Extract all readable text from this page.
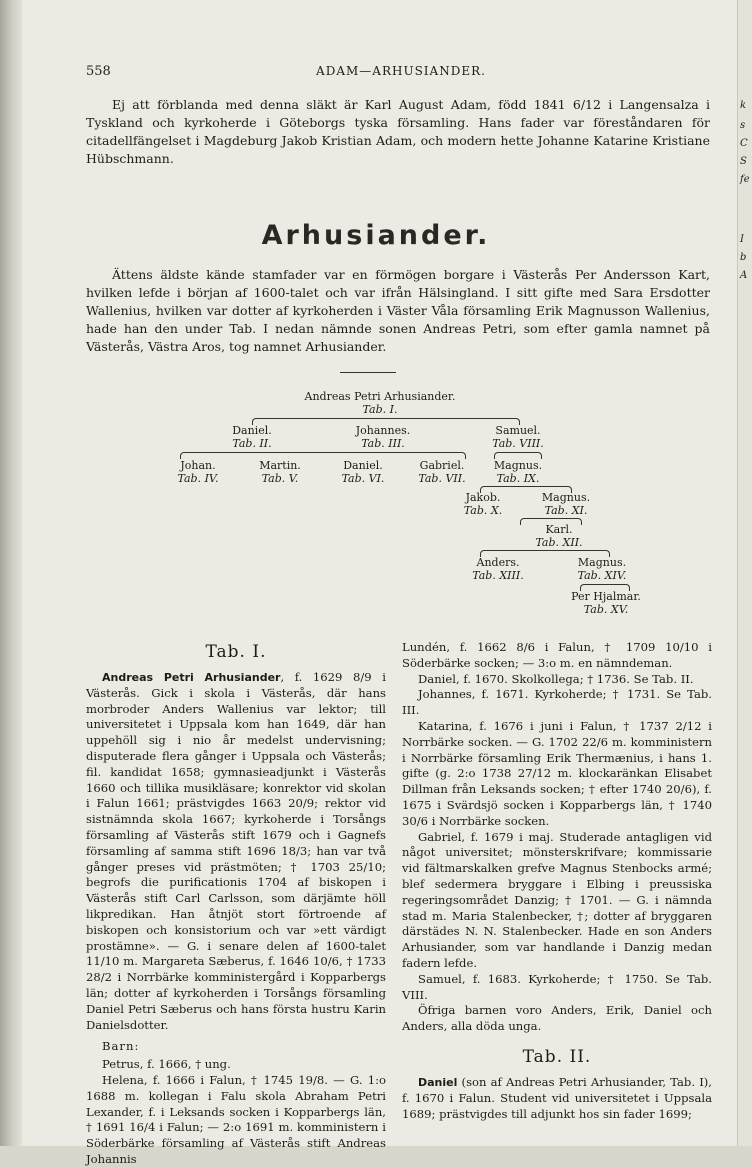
k
s
C
S
fe
I
b
A
558	ADAM—ARHUSIANDER.
Ej att förblanda med denna släkt är Karl August Adam, född 1841 6/12 i Langensalza i Tyskland och kyrkoherde i Göteborgs tyska församling. Hans fader var föreståndaren för citadellfängelset i Magdeburg Jakob Kristian Adam, och modern hette Johanne Katarine Kristiane Hübschmann.
Arhusiander.
Ättens äldste kände stamfader var en förmögen borgare i Västerås Per Andersson Kart, hvilken lefde i början af 1600-talet och var ifrån Hälsingland. I sitt gifte med Sara Ersdotter Wallenius, hvilken var dotter af kyrkoherden i Väster Våla församling Erik Magnusson Wallenius, hade han den under Tab. I nedan nämnde sonen Andreas Petri, som efter gamla namnet på Västerås, Västra Aros, tog namnet Arhusiander.
Andreas Petri Arhusiander.
Tab. I.
Daniel.
Tab. II.
Johannes.
Tab. III.
Samuel.
Tab. VIII.
Johan.
Tab. IV.
Martin.
Tab. V.
Daniel.
Tab. VI.
Gabriel.
Tab. VII.
Magnus.
Tab. IX.
Jakob.
Tab. X.
Magnus.
Tab. XI.
Karl.
Tab. XII.
Anders.
Tab. XIII.
Magnus.
Tab. XIV.
Per Hjalmar.
Tab. XV.
Tab. I.

Andreas Petri Arhusiander, f. 1629 8/9 i Västerås. Gick i skola i Västerås, där hans morbroder Anders Wallenius var lektor; till universitetet i Uppsala kom han 1649, där han uppehöll sig i nio år medelst undervisning; disputerade flera gånger i Uppsala och Västerås; fil. kandidat 1658; gymnasieadjunkt i Västerås 1660 och tillika musikläsare; konrektor vid skolan i Falun 1661; prästvigdes 1663 20/9; rektor vid sistnämnda skola 1667; kyrkoherde i Torsångs församling af Västerås stift 1679 och i Gagnefs församling af samma stift 1696 18/3; han var två gånger preses vid prästmöten; † 1703 25/10; begrofs die purificationis 1704 af biskopen i Västerås stift Carl Carlsson, som därjämte höll likpredikan. Han åtnjöt stort förtroende af biskopen och konsistorium och var »ett värdigt prostämne». — G. i senare delen af 1600-talet 11/10 m. Margareta Sæberus, f. 1646 10/6, † 1733 28/2 i Norrbärke komministergård i Kopparbergs län; dotter af kyrkoherden i Torsångs församling Daniel Petri Sæberus och hans första hustru Karin Danielsdotter.

Barn:

Petrus, f. 1666, † ung.

Helena, f. 1666 i Falun, † 1745 19/8. — G. 1:o 1688 m. kollegan i Falu skola Abraham Petri Lexander, f. i Leksands socken i Kopparbergs län, † 1691 16/4 i Falun; — 2:o 1691 m. komministern i Söderbärke församling af Västerås stift Andreas Johannis

Lundén, f. 1662 8/6 i Falun, † 1709 10/10 i Söderbärke socken; — 3:o m. en nämndeman.

Daniel, f. 1670. Skolkollega; † 1736. Se Tab. II.

Johannes, f. 1671. Kyrkoherde; † 1731. Se Tab. III.

Katarina, f. 1676 i juni i Falun, † 1737 2/12 i Norrbärke socken. — G. 1702 22/6 m. komministern i Norrbärke församling Erik Thermænius, i hans 1. gifte (g. 2:o 1738 27/12 m. klockaränkan Elisabet Dillman från Leksands socken; † efter 1740 20/6), f. 1675 i Svärdsjö socken i Kopparbergs län, † 1740 30/6 i Norrbärke socken.

Gabriel, f. 1679 i maj. Studerade antagligen vid något universitet; mönsterskrifvare; kommissarie vid fältmarskalken grefve Magnus Stenbocks armé; blef sedermera bryggare i Elbing i preussiska regeringsområdet Danzig; † 1701. — G. i nämnda stad m. Maria Stalenbecker, †; dotter af bryggaren därstädes N. N. Stalenbecker. Hade en son Anders Arhusiander, som var handlande i Danzig medan fadern lefde.

Samuel, f. 1683. Kyrkoherde; † 1750. Se Tab. VIII.

Öfriga barnen voro Anders, Erik, Daniel och Anders, alla döda unga.

Tab. II.

Daniel (son af Andreas Petri Arhusiander, Tab. I), f. 1670 i Falun. Student vid universitetet i Uppsala 1689; prästvigdes till adjunkt hos sin fader 1699;
